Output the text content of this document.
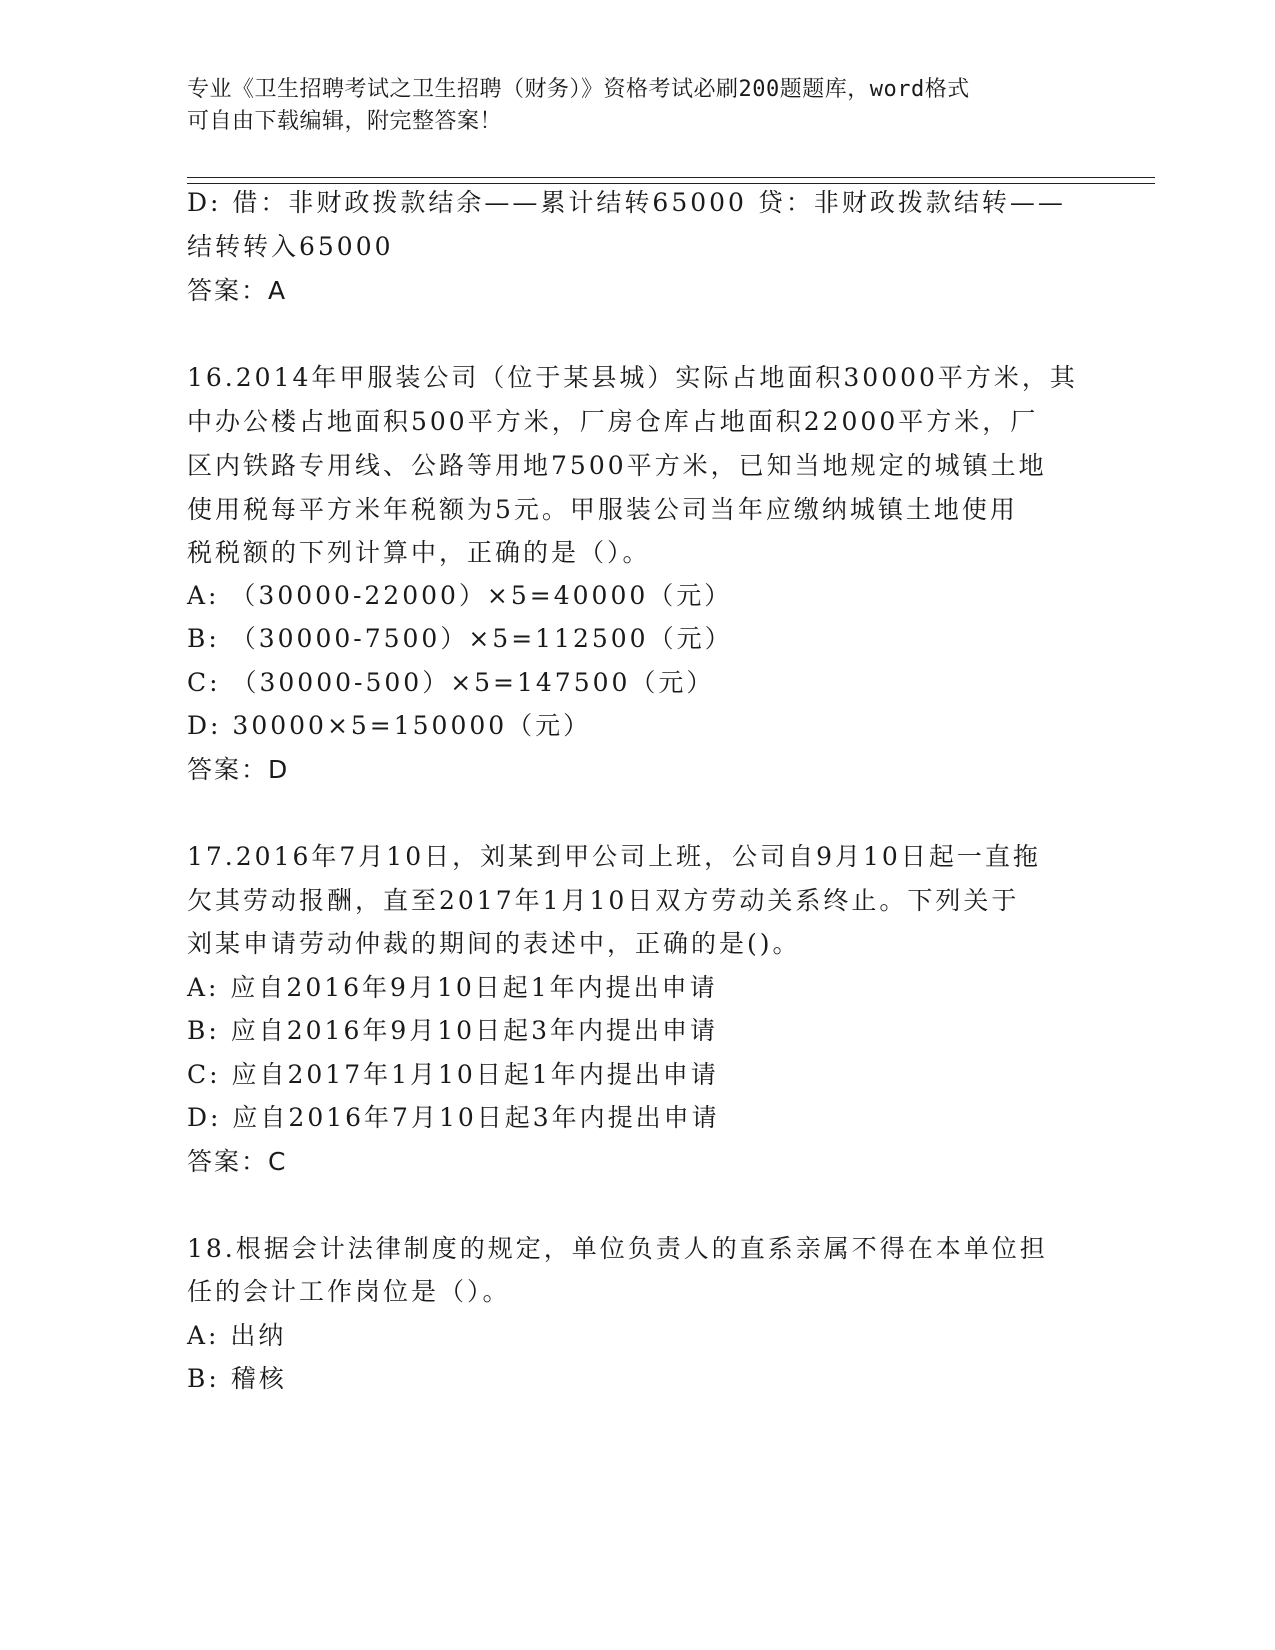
专业《卫生招聘考试之卫生招聘（财务）》资格考试必刷200题题库，word格式
可自由下载编辑，附完整答案！
D: 借：非财政拨款结余——累计结转65000 贷：非财政拨款结转——
结转转入65000
答案：A
16.2014年甲服装公司（位于某县城）实际占地面积30000平方米，其
中办公楼占地面积500平方米，厂房仓库占地面积22000平方米，厂
区内铁路专用线、公路等用地7500平方米，已知当地规定的城镇土地
使用税每平方米年税额为5元。甲服装公司当年应缴纳城镇土地使用
税税额的下列计算中，正确的是（）。
A: （30000-22000）×5=40000（元）
B: （30000-7500）×5=112500（元）
C: （30000-500）×5=147500（元）
D: 30000×5=150000（元）
答案：D
17.2016年7月10日，刘某到甲公司上班，公司自9月10日起一直拖
欠其劳动报酬，直至2017年1月10日双方劳动关系终止。下列关于
刘某申请劳动仲裁的期间的表述中，正确的是()。
A: 应自2016年9月10日起1年内提出申请
B: 应自2016年9月10日起3年内提出申请
C: 应自2017年1月10日起1年内提出申请
D: 应自2016年7月10日起3年内提出申请
答案：C
18.根据会计法律制度的规定，单位负责人的直系亲属不得在本单位担
任的会计工作岗位是（）。
A: 出纳
B: 稽核
